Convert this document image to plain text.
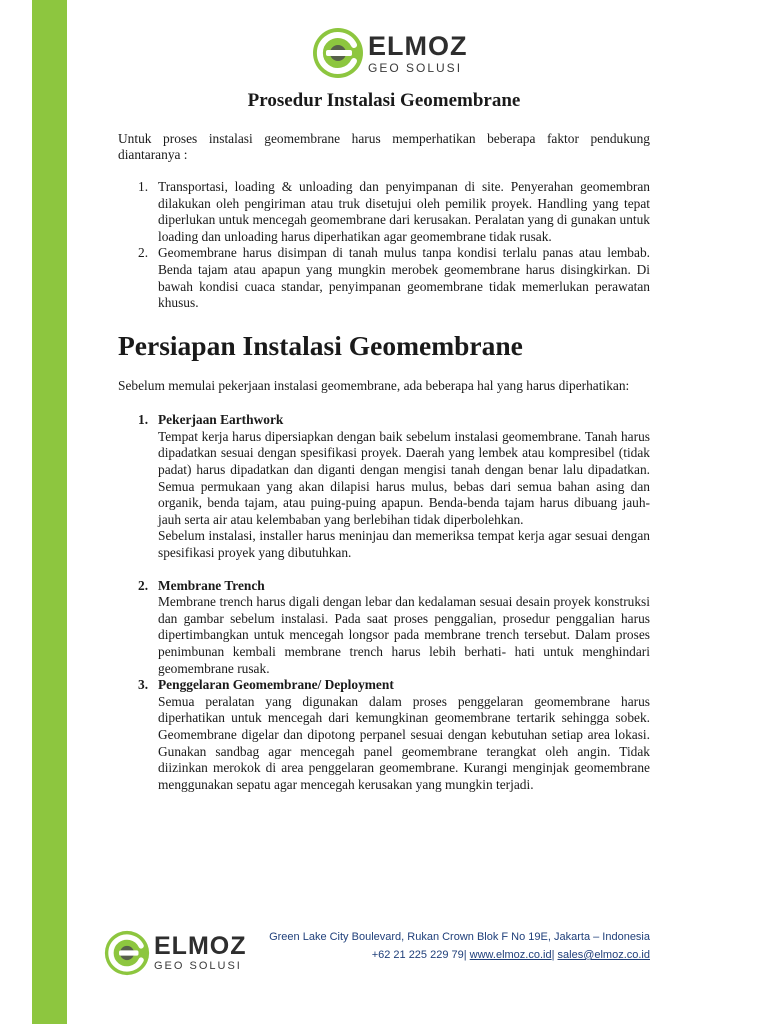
ELMOZ
GEO SOLUSI
Prosedur Instalasi Geomembrane

Untuk proses instalasi geomembrane harus memperhatikan beberapa faktor pendukung diantaranya :

1. Transportasi, loading & unloading dan penyimpanan di site. Penyerahan geomembran dilakukan oleh pengiriman atau truk disetujui oleh pemilik proyek. Handling yang tepat diperlukan untuk mencegah geomembrane dari kerusakan. Peralatan yang di gunakan untuk loading dan unloading harus diperhatikan agar geomembrane tidak rusak.
2. Geomembrane harus disimpan di tanah mulus tanpa kondisi terlalu panas atau lembab. Benda tajam atau apapun yang mungkin merobek geomembrane harus disingkirkan. Di bawah kondisi cuaca standar, penyimpanan geomembrane tidak memerlukan perawatan khusus.
Persiapan Instalasi Geomembrane

Sebelum memulai pekerjaan instalasi geomembrane, ada beberapa hal yang harus diperhatikan:

1. Pekerjaan Earthwork
Tempat kerja harus dipersiapkan dengan baik sebelum instalasi geomembrane. Tanah harus dipadatkan sesuai dengan spesifikasi proyek. Daerah yang lembek atau kompresibel (tidak padat) harus dipadatkan dan diganti dengan mengisi tanah dengan benar lalu dipadatkan. Semua permukaan yang akan dilapisi harus mulus, bebas dari semua bahan asing dan organik, benda tajam, atau puing-puing apapun. Benda-benda tajam harus dibuang jauh-jauh serta air atau kelembaban yang berlebihan tidak diperbolehkan.
Sebelum instalasi, installer harus meninjau dan memeriksa tempat kerja agar sesuai dengan spesifikasi proyek yang dibutuhkan.
2. Membrane Trench
Membrane trench harus digali dengan lebar dan kedalaman sesuai desain proyek konstruksi dan gambar sebelum instalasi. Pada saat proses penggalian, prosedur penggalian harus dipertimbangkan untuk mencegah longsor pada membrane trench tersebut. Dalam proses penimbunan kembali membrane trench harus lebih berhati- hati untuk menghindari geomembrane rusak.
3. Penggelaran Geomembrane/ Deployment
Semua peralatan yang digunakan dalam proses penggelaran geomembrane harus diperhatikan untuk mencegah dari kemungkinan geomembrane tertarik sehingga sobek. Geomembrane digelar dan dipotong perpanel sesuai dengan kebutuhan setiap area lokasi. Gunakan sandbag agar mencegah panel geomembrane terangkat oleh angin. Tidak diizinkan merokok di area penggelaran geomembrane. Kurangi menginjak geomembrane menggunakan sepatu agar mencegah kerusakan yang mungkin terjadi.
ELMOZ
GEO SOLUSI
Green Lake City Boulevard, Rukan Crown Blok F No 19E, Jakarta – Indonesia
+62 21 225 229 79| www.elmoz.co.id| sales@elmoz.co.id
